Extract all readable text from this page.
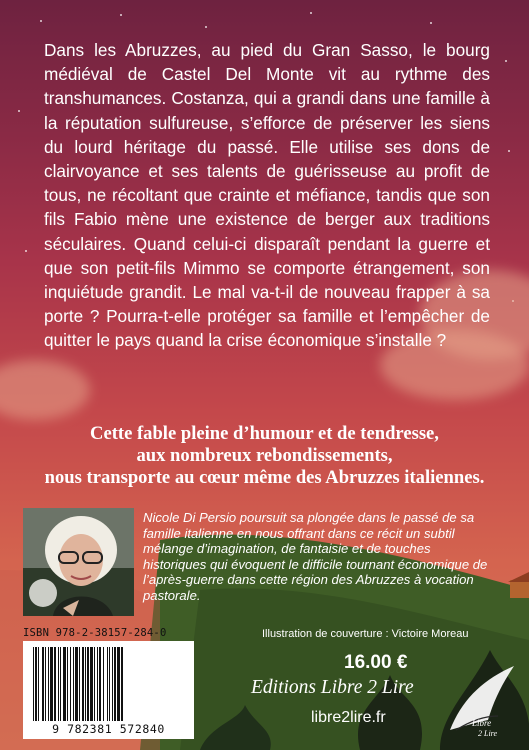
Dans les Abruzzes, au pied du Gran Sasso, le bourg médiéval de Castel Del Monte vit au rythme des transhumances. Costanza, qui a grandi dans une famille à la réputation sulfureuse, s’efforce de préserver les siens du lourd héritage du passé. Elle utilise ses dons de clairvoyance et ses talents de guérisseuse au profit de tous, ne récoltant que crainte et méfiance, tandis que son fils Fabio mène une existence de berger aux traditions séculaires. Quand celui-ci disparaît pendant la guerre et que son petit-fils Mimmo se comporte étrangement, son inquiétude grandit. Le mal va-t-il de nouveau frapper à sa porte ? Pourra-t-elle protéger sa famille et l’empêcher de quitter le pays quand la crise économique s’installe ?

Cette fable pleine d’humour et de tendresse,
aux nombreux rebondissements,
nous transporte au cœur même des Abruzzes italiennes.

Nicole Di Persio poursuit sa plongée dans le passé de sa famille italienne en nous offrant dans ce récit un subtil mélange d’imagination, de fantaisie et de touches historiques qui évoquent le difficile tournant économique de l’après-guerre dans cette région des Abruzzes à vocation pastorale.

ISBN 978-2-38157-284-0
9 782381 572840
Illustration de couverture : Victoire Moreau
16.00 €
Editions Libre 2 Lire
libre2lire.fr	Libre
2 Lire
